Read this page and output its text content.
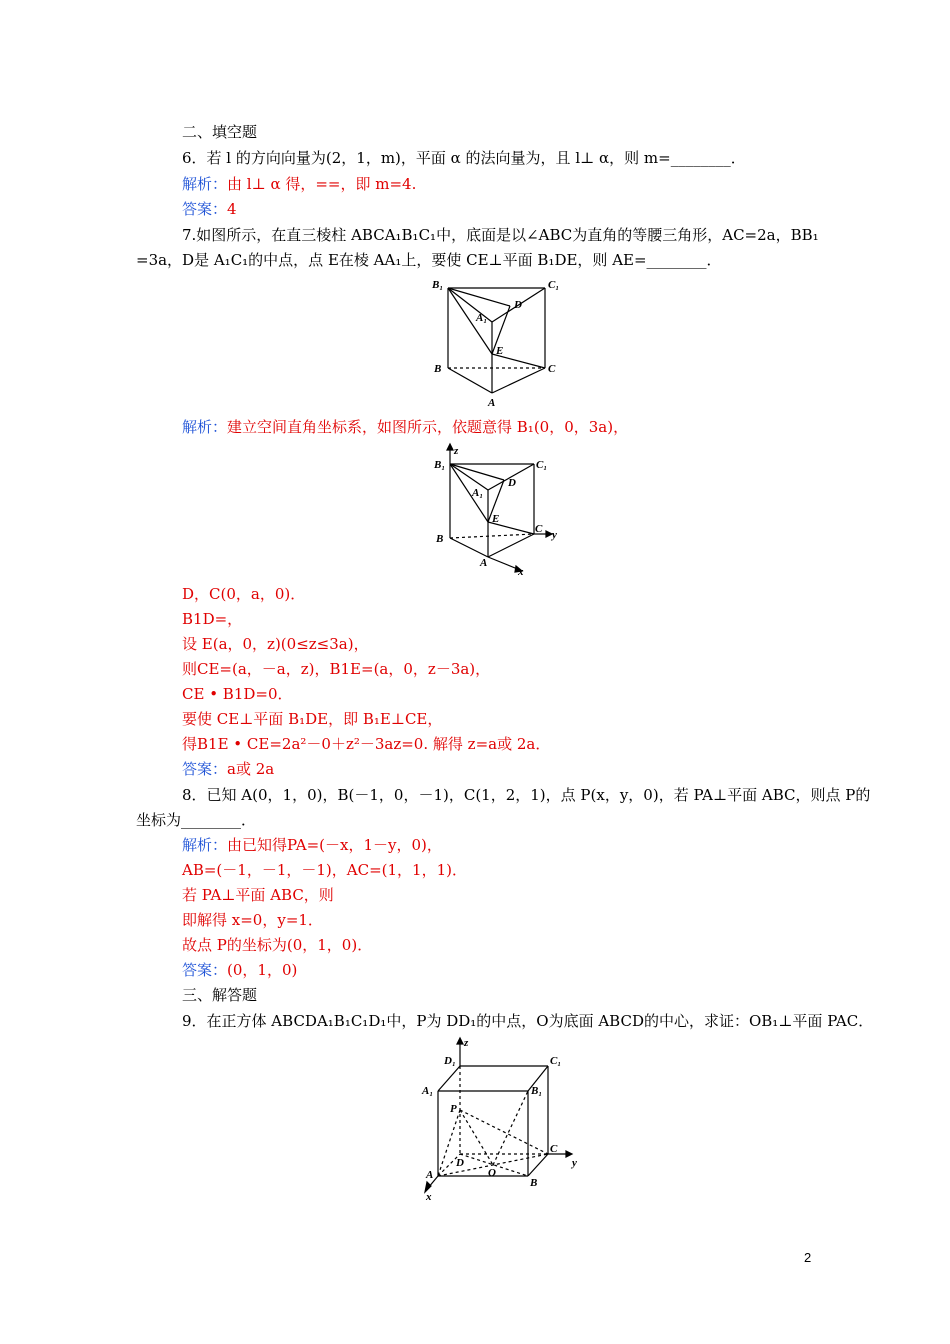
二、填空题
6．若 l 的方向向量为(2，1，m)，平面 α 的法向量为，且 l⊥ α，则 m=________．
解析：由 l⊥ α 得，==，即 m=4.
答案：4
7.如图所示，在直三棱柱 ABCA₁B₁C₁中，底面是以∠ABC为直角的等腰三角形，AC=2a，BB₁
=3a，D是 A₁C₁的中点，点 E在棱 AA₁上，要使 CE⊥平面 B₁DE，则 AE=________．
B₁	C₁
A₁
D
E
B	C
A
解析：建立空间直角坐标系，如图所示，依题意得 B₁(0，0，3a)，
z
B₁	C₁
A₁
D
E
B
C y
A
x
D，C(0，a，0)．
B1D=，
设 E(a，0，z)(0≤z≤3a)，
则CE=(a，－a，z)，B1E=(a，0，z－3a)，
CE • B1D=0．
要使 CE⊥平面 B₁DE，即 B₁E⊥CE，
得B1E • CE=2a²－0＋z²－3az=0. 解得 z=a或 2a．
答案：a或 2a
8．已知 A(0，1，0)，B(－1，0，－1)，C(1，2，1)，点 P(x，y，0)，若 PA⊥平面 ABC，则点 P的
坐标为________．
解析：由已知得PA=(－x，1－y，0)，
AB=(－1，－1，－1)，AC=(1，1，1)．
若 PA⊥平面 ABC，则
即解得 x=0，y=1．
故点 P的坐标为(0，1，0)．
答案：(0，1，0)
三、解答题
9．在正方体 ABCDA₁B₁C₁D₁中，P为 DD₁的中点，O为底面 ABCD的中心，求证：OB₁⊥平面 PAC．
z
D₁	C₁
A₁	B₁
P
C
D
O
y
A
B
x
2
